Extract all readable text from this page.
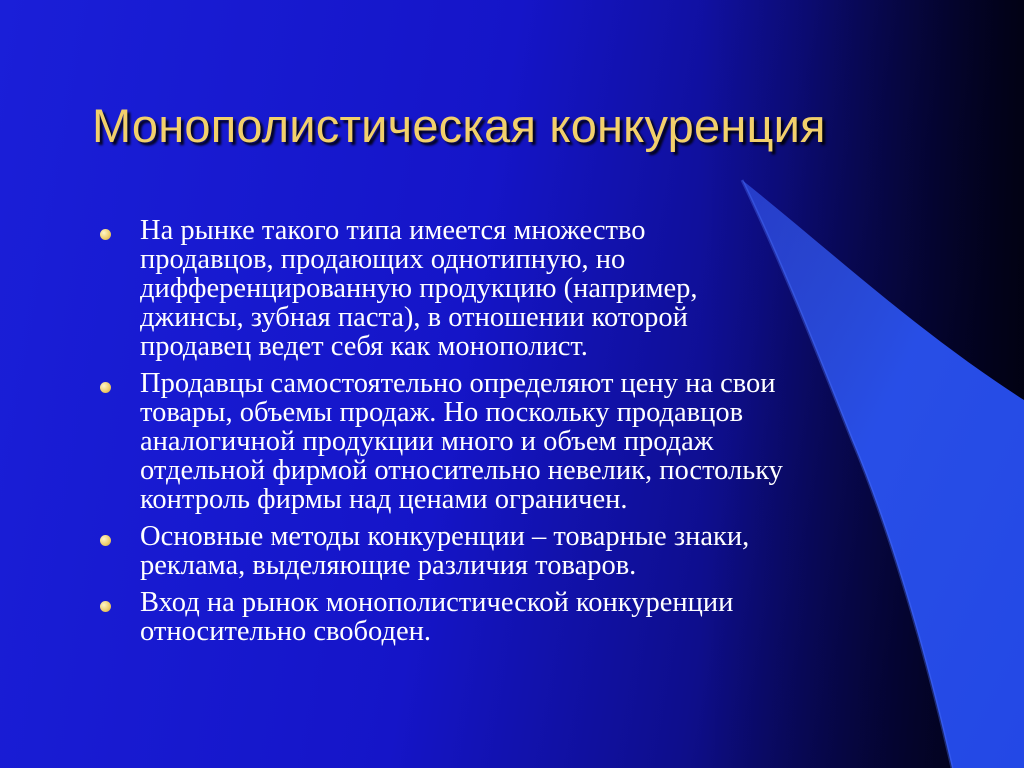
Монополистическая конкуренция
На рынке такого типа имеется множество
продавцов, продающих однотипную, но
дифференцированную продукцию (например,
джинсы, зубная паста), в отношении которой
продавец ведет себя как монополист.
Продавцы самостоятельно определяют цену на свои
товары, объемы продаж. Но поскольку продавцов
аналогичной продукции много и объем продаж
отдельной фирмой относительно невелик, постольку
контроль фирмы над ценами ограничен.
Основные методы конкуренции – товарные знаки,
реклама, выделяющие различия товаров.
Вход на рынок монополистической конкуренции
относительно свободен.
